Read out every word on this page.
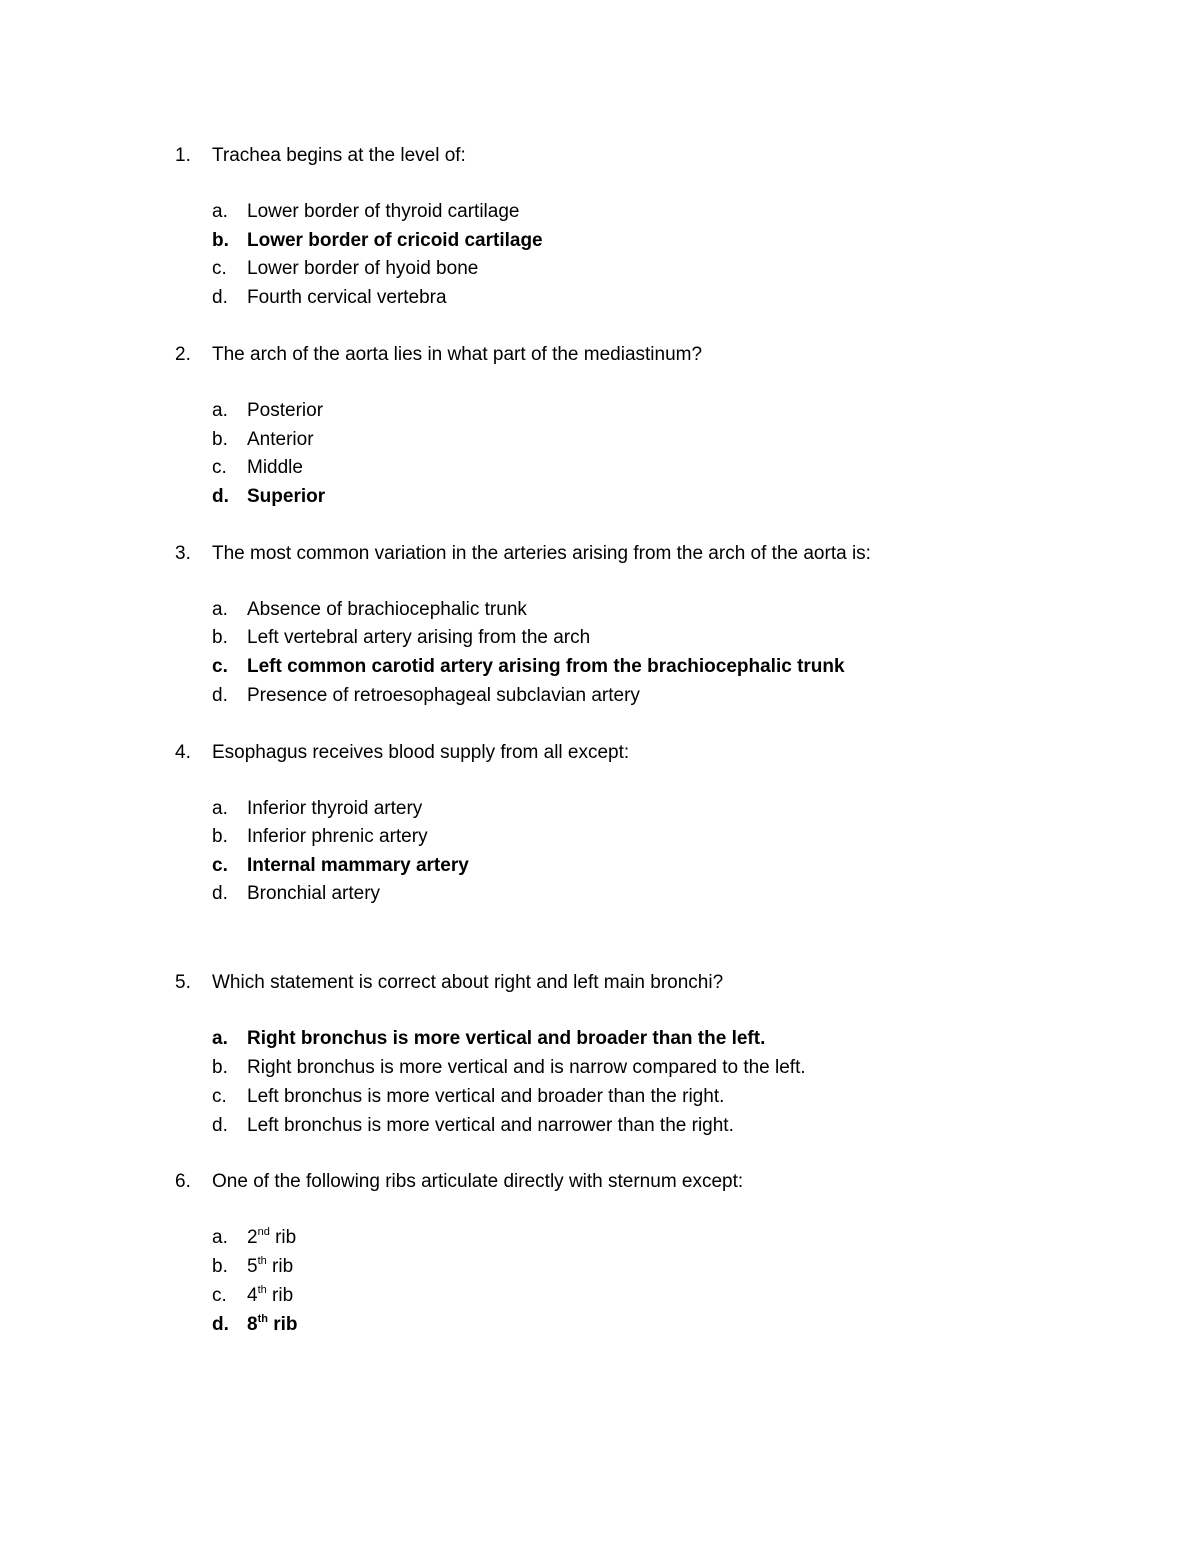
1. Trachea begins at the level of:
a. Lower border of thyroid cartilage
b. Lower border of cricoid cartilage
c. Lower border of hyoid bone
d. Fourth cervical vertebra
2. The arch of the aorta lies in what part of the mediastinum?
a. Posterior
b. Anterior
c. Middle
d. Superior
3. The most common variation in the arteries arising from the arch of the aorta is:
a. Absence of brachiocephalic trunk
b. Left vertebral artery arising from the arch
c. Left common carotid artery arising from the brachiocephalic trunk
d. Presence of retroesophageal subclavian artery
4. Esophagus receives blood supply from all except:
a. Inferior thyroid artery
b. Inferior phrenic artery
c. Internal mammary artery
d. Bronchial artery
5. Which statement is correct about right and left main bronchi?
a. Right bronchus is more vertical and broader than the left.
b. Right bronchus is more vertical and is narrow compared to the left.
c. Left bronchus is more vertical and broader than the right.
d. Left bronchus is more vertical and narrower than the right.
6. One of the following ribs articulate directly with sternum except:
a. 2nd rib
b. 5th rib
c. 4th rib
d. 8th rib
